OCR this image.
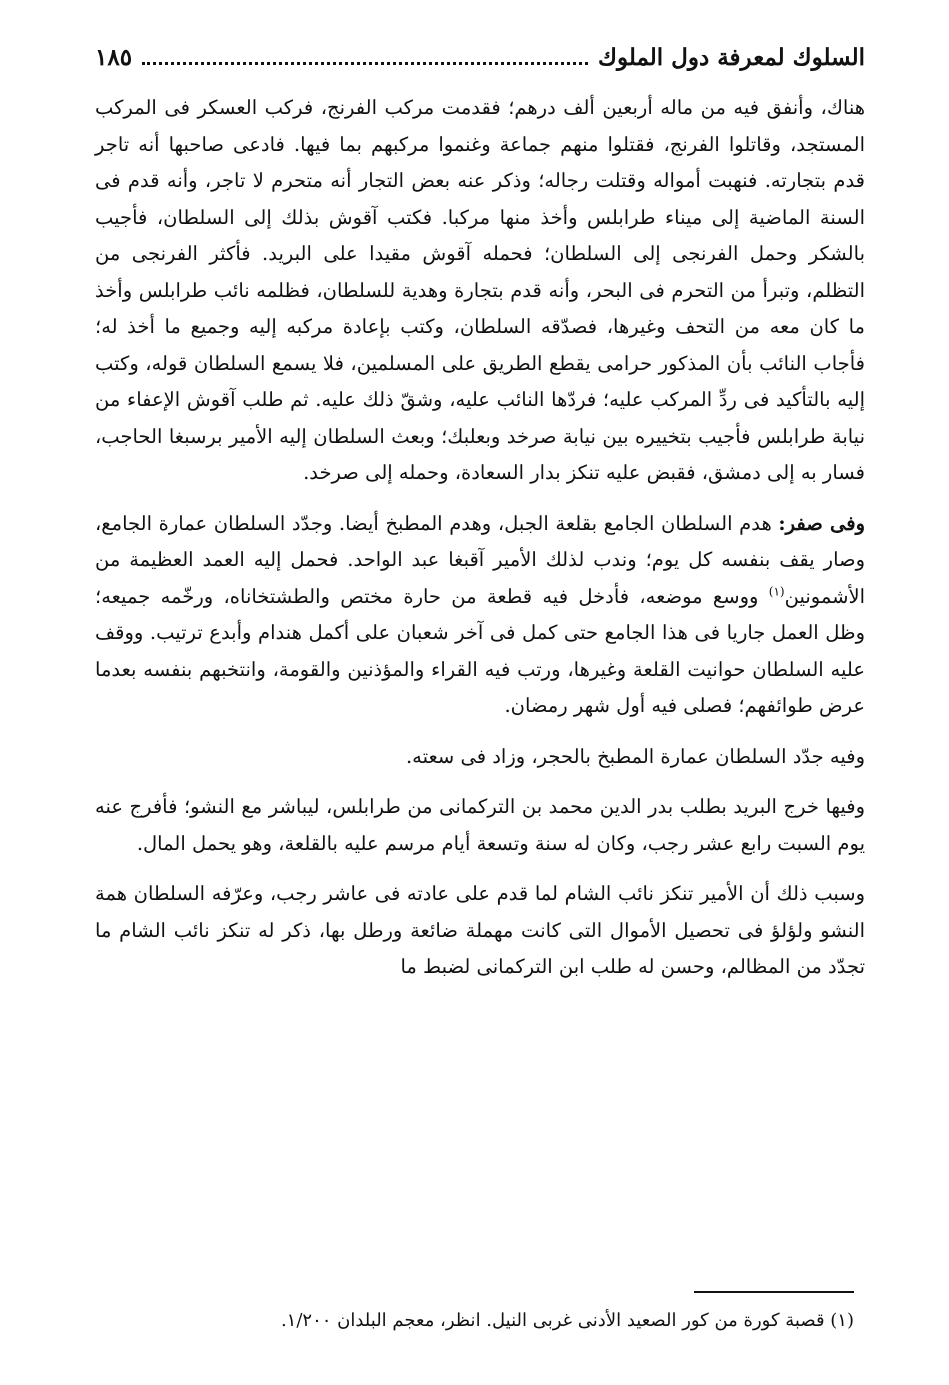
السلوك لمعرفة دول الملوك
١٨٥

هناك، وأنفق فيه من ماله أربعين ألف درهم؛ فقدمت مركب الفرنج، فركب العسكر فى المركب المستجد، وقاتلوا الفرنج، فقتلوا منهم جماعة وغنموا مركبهم بما فيها. فادعى صاحبها أنه تاجر قدم بتجارته. فنهبت أمواله وقتلت رجاله؛ وذكر عنه بعض التجار أنه متحرم لا تاجر، وأنه قدم فى السنة الماضية إلى ميناء طرابلس وأخذ منها مركبا. فكتب آقوش بذلك إلى السلطان، فأجيب بالشكر وحمل الفرنجى إلى السلطان؛ فحمله آقوش مقيدا على البريد. فأكثر الفرنجى من التظلم، وتبرأ من التحرم فى البحر، وأنه قدم بتجارة وهدية للسلطان، فظلمه نائب طرابلس وأخذ ما كان معه من التحف وغيرها، فصدّقه السلطان، وكتب بإعادة مركبه إليه وجميع ما أخذ له؛ فأجاب النائب بأن المذكور حرامى يقطع الطريق على المسلمين، فلا يسمع السلطان قوله، وكتب إليه بالتأكيد فى ردِّ المركب عليه؛ فردّها النائب عليه، وشقّ ذلك عليه. ثم طلب آقوش الإعفاء من نيابة طرابلس فأجيب بتخييره بين نيابة صرخد وبعلبك؛ وبعث السلطان إليه الأمير برسبغا الحاجب، فسار به إلى دمشق، فقبض عليه تنكز بدار السعادة، وحمله إلى صرخد.

وفى صفر: هدم السلطان الجامع بقلعة الجبل، وهدم المطبخ أيضا. وجدّد السلطان عمارة الجامع، وصار يقف بنفسه كل يوم؛ وندب لذلك الأمير آقبغا عبد الواحد. فحمل إليه العمد العظيمة من الأشمونين$^{(١)}$ ووسع موضعه، فأدخل فيه قطعة من حارة مختص والطشتخاناه، ورخّمه جميعه؛ وظل العمل جاريا فى هذا الجامع حتى كمل فى آخر شعبان على أكمل هندام وأبدع ترتيب. ووقف عليه السلطان حوانيت القلعة وغيرها، ورتب فيه القراء والمؤذنين والقومة، وانتخبهم بنفسه بعدما عرض طوائفهم؛ فصلى فيه أول شهر رمضان.

وفيه جدّد السلطان عمارة المطبخ بالحجر، وزاد فى سعته.

وفيها خرج البريد بطلب بدر الدين محمد بن التركمانى من طرابلس، ليباشر مع النشو؛ فأفرج عنه يوم السبت رابع عشر رجب، وكان له سنة وتسعة أيام مرسم عليه بالقلعة، وهو يحمل المال.

وسبب ذلك أن الأمير تنكز نائب الشام لما قدم على عادته فى عاشر رجب، وعرّفه السلطان همة النشو ولؤلؤ فى تحصيل الأموال التى كانت مهملة ضائعة ورطل بها، ذكر له تنكز نائب الشام ما تجدّد من المظالم، وحسن له طلب ابن التركمانى لضبط ما

(١) قصبة كورة من كور الصعيد الأدنى غربى النيل. انظر، معجم البلدان ١/٢٠٠.
